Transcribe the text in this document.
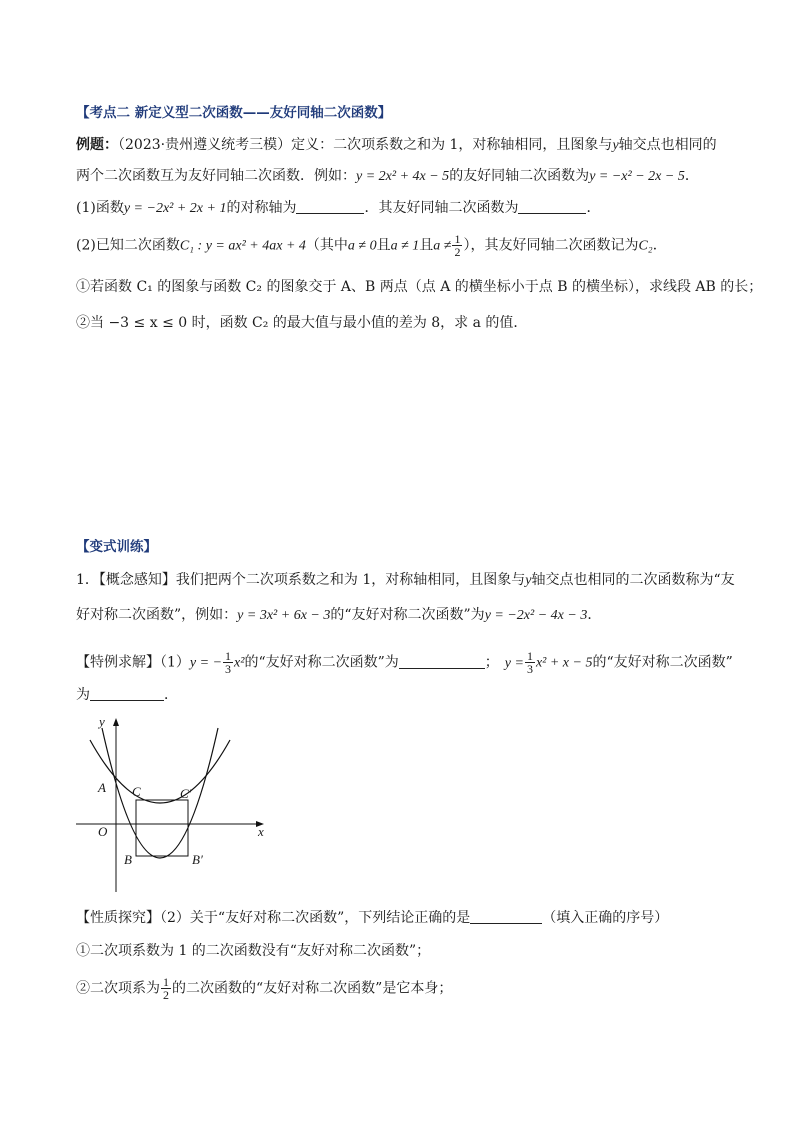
【考点二 新定义型二次函数——友好同轴二次函数】
例题：（2023·贵州遵义统考三模）定义：二次项系数之和为 1，对称轴相同，且图象与y轴交点也相同的
两个二次函数互为友好同轴二次函数．例如：y = 2x² + 4x − 5的友好同轴二次函数为y = −x² − 2x − 5．
(1)函数y = −2x² + 2x + 1的对称轴为	．其友好同轴二次函数为	．
(2)已知二次函数C₁ : y = ax² + 4ax + 4（其中a ≠ 0且a ≠ 1且$a \ne \frac{1}{2}$ ），其友好同轴二次函数记为C₂．
①若函数 C₁ 的图象与函数 C₂ 的图象交于 A、B 两点（点 A 的横坐标小于点 B 的横坐标），求线段 AB 的长；
②当 −3 ≤ x ≤ 0 时，函数 C₂ 的最大值与最小值的差为 8，求 a 的值．
【变式训练】
1．【概念感知】我们把两个二次项系数之和为 1，对称轴相同，且图象与y轴交点也相同的二次函数称为“友
好对称二次函数”，例如：y = 3x² + 6x − 3的“友好对称二次函数”为y = −2x² − 4x − 3．
【特例求解】（1）y = − $\frac{1}{3} x^2$的“友好对称二次函数”为	； $y = \frac{1}{3} x^2 + x - 5$的“友好对称二次函数”
为	．
y
x
O
A C	C′
B	B′
【性质探究】（2）关于“友好对称二次函数”，下列结论正确的是	（填入正确的序号）
①二次项系数为 1 的二次函数没有“友好对称二次函数”；
②二次项系为 $\frac{1}{2}$ 的二次函数的“友好对称二次函数”是它本身；
